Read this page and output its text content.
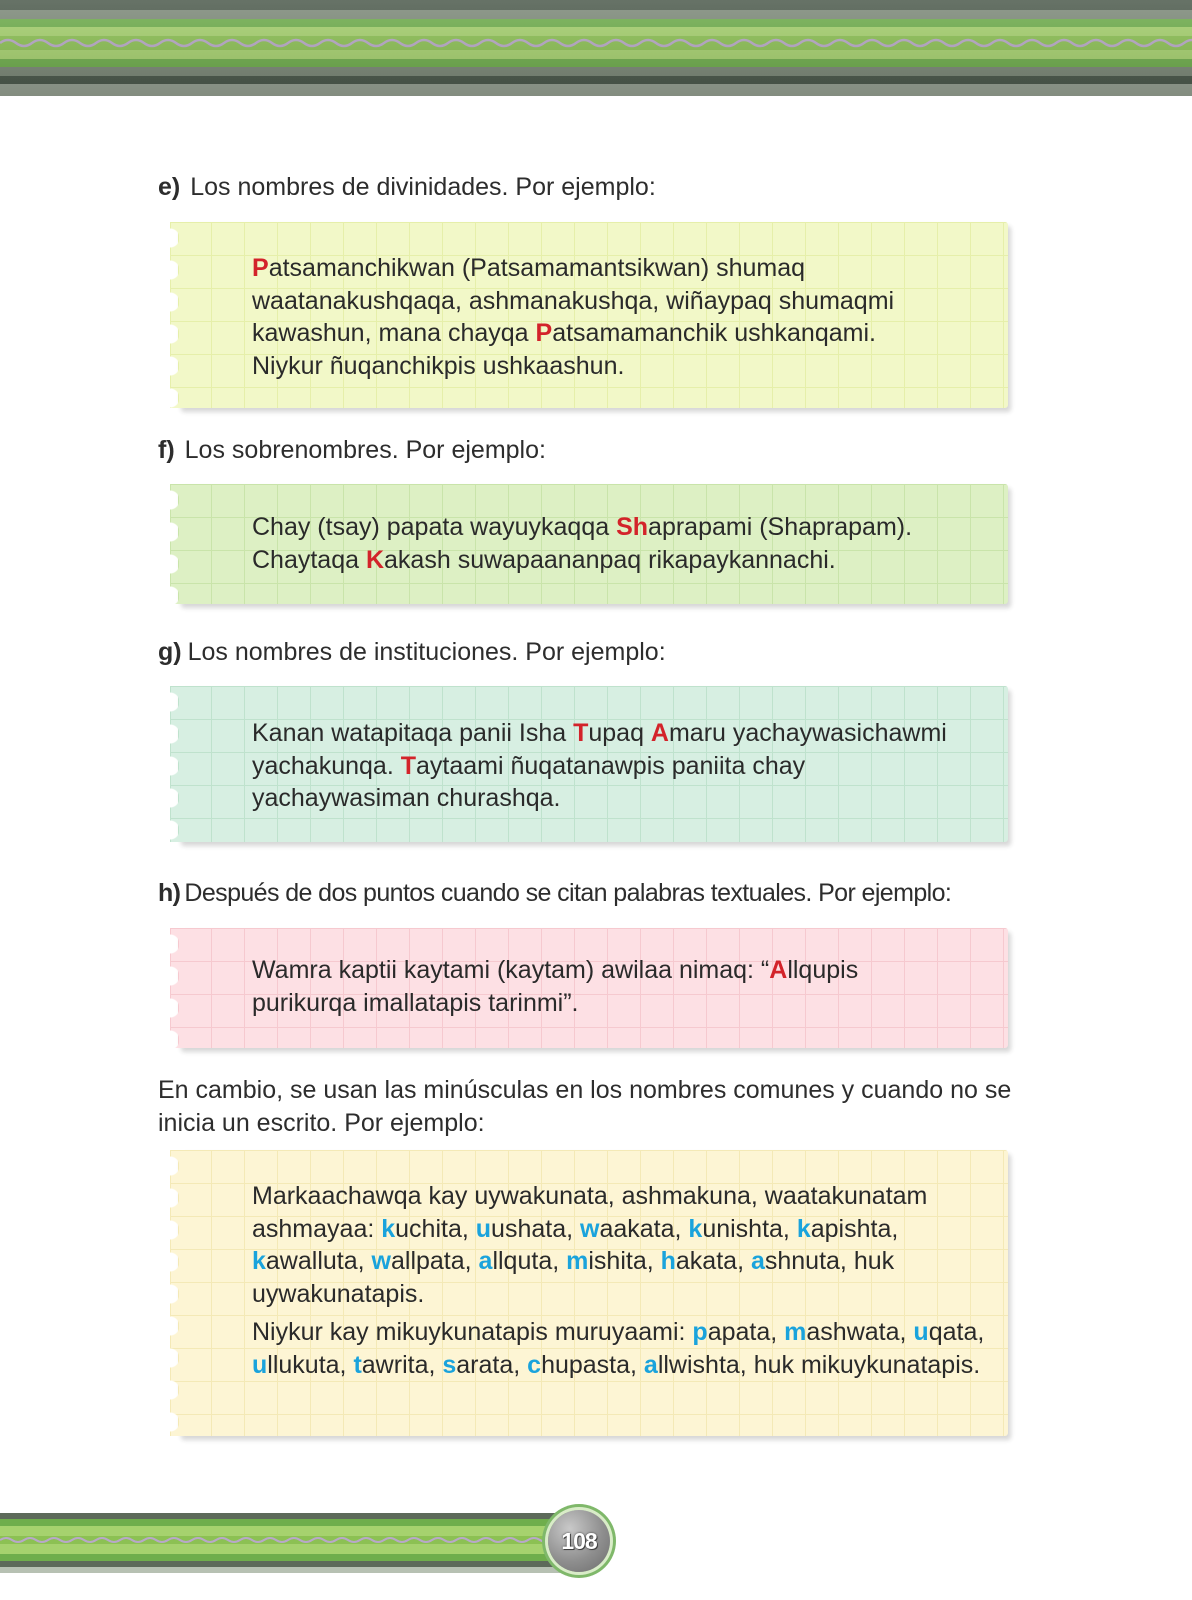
e) Los nombres de divinidades. Por ejemplo:
Patsamanchikwan (Patsamamantsikwan) shumaq
waatanakushqaqa, ashmanakushqa, wiñaypaq shumaqmi
kawashun, mana chayqa Patsamamanchik ushkanqami.
Niykur ñuqanchikpis ushkaashun.
f) Los sobrenombres. Por ejemplo:
Chay (tsay) papata wayuykaqqa Shaprapami (Shaprapam).
Chaytaqa Kakash suwapaananpaq rikapaykannachi.
g) Los nombres de instituciones. Por ejemplo:
Kanan watapitaqa panii Isha Tupaq Amaru yachaywasichawmi
yachakunqa. Taytaami ñuqatanawpis paniita chay
yachaywasiman churashqa.
h) Después de dos puntos cuando se citan palabras textuales. Por ejemplo:
Wamra kaptii kaytami (kaytam) awilaa nimaq: “Allqupis
purikurqa imallatapis tarinmi”.
En cambio, se usan las minúsculas en los nombres comunes y cuando no se inicia un escrito. Por ejemplo:

Markaachawqa kay uywakunata, ashmakuna, waatakunatam ashmayaa: kuchita, uushata, waakata, kunishta, kapishta, kawalluta, wallpata, allquta, mishita, hakata, ashnuta, huk uywakunatapis.

Niykur kay mikuykunatapis muruyaami: papata, mashwata, uqata, ullukuta, tawrita, sarata, chupasta, allwishta, huk mikuykunatapis.

108
